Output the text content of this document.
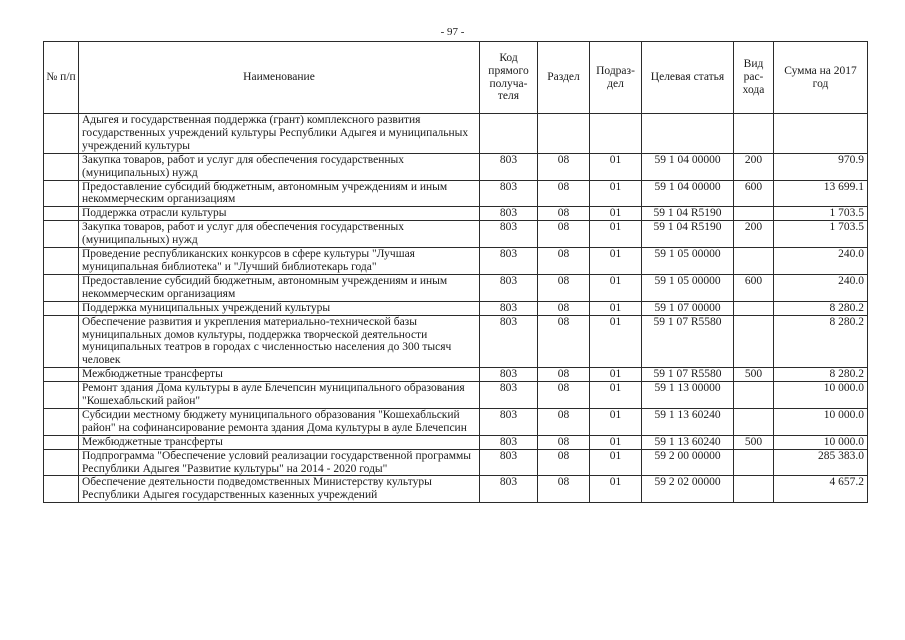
- 97 -
№ п/п	Наименование	Код прямого получа-теля	Раздел	Подраз-дел	Целевая статья	Вид рас-хода	Сумма на 2017 год
	Адыгея и государственная поддержка (грант) комплексного развития государственных учреждений культуры Республики Адыгея и муниципальных учреждений культуры						
	Закупка товаров, работ и услуг для обеспечения государственных (муниципальных) нужд	803	08	01	59 1 04 00000	200	970.9
	Предоставление субсидий бюджетным, автономным учреждениям и иным некоммерческим организациям	803	08	01	59 1 04 00000	600	13 699.1
	Поддержка отрасли культуры	803	08	01	59 1 04 R5190		1 703.5
	Закупка товаров, работ и услуг для обеспечения государственных (муниципальных) нужд	803	08	01	59 1 04 R5190	200	1 703.5
	Проведение республиканских конкурсов в сфере культуры "Лучшая муниципальная библиотека" и "Лучший библиотекарь года"	803	08	01	59 1 05 00000		240.0
	Предоставление субсидий бюджетным, автономным учреждениям и иным некоммерческим организациям	803	08	01	59 1 05 00000	600	240.0
	Поддержка муниципальных учреждений культуры	803	08	01	59 1 07 00000		8 280.2
	Обеспечение развития и укрепления материально-технической базы муниципальных домов культуры, поддержка творческой деятельности муниципальных театров в городах с численностью населения до 300 тысяч человек	803	08	01	59 1 07 R5580		8 280.2
	Межбюджетные трансферты	803	08	01	59 1 07 R5580	500	8 280.2
	Ремонт здания Дома культуры в ауле Блечепсин муниципального образования "Кошехабльский район"	803	08	01	59 1 13 00000		10 000.0
	Субсидии местному бюджету муниципального образования "Кошехабльский район" на софинансирование ремонта здания Дома культуры в ауле Блечепсин	803	08	01	59 1 13 60240		10 000.0
	Межбюджетные трансферты	803	08	01	59 1 13 60240	500	10 000.0
	Подпрограмма "Обеспечение условий реализации государственной программы Республики Адыгея "Развитие культуры" на 2014 - 2020 годы"	803	08	01	59 2 00 00000		285 383.0
	Обеспечение деятельности подведомственных Министерству культуры Республики Адыгея государственных казенных учреждений	803	08	01	59 2 02 00000		4 657.2
